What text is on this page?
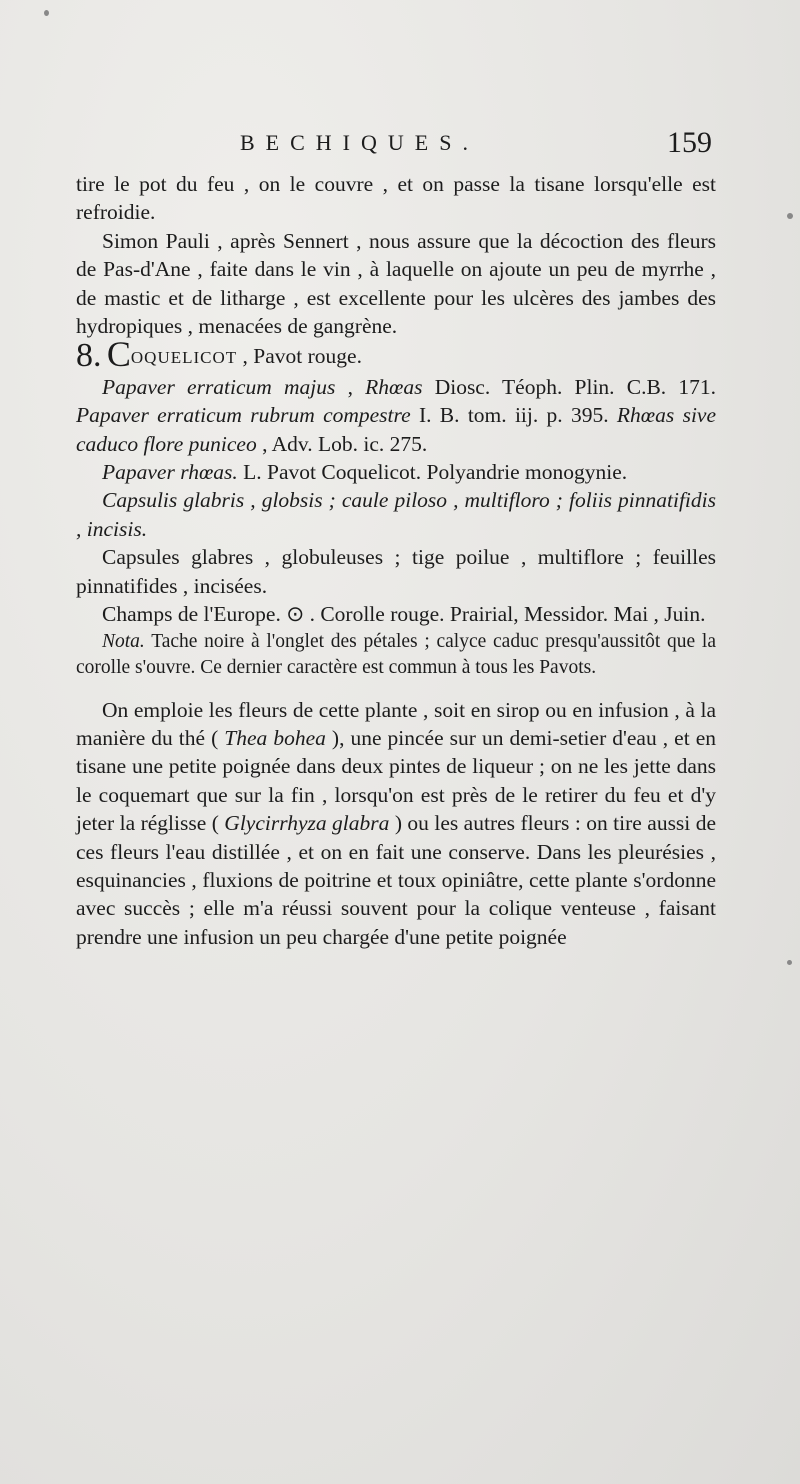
BECHIQUES.	159

tire le pot du feu , on le couvre , et on passe la tisane lorsqu'elle est refroidie.

Simon Pauli , après Sennert , nous assure que la décoction des fleurs de Pas-d'Ane , faite dans le vin , à laquelle on ajoute un peu de myrrhe , de mastic et de litharge , est excellente pour les ulcères des jambes des hydropiques , menacées de gangrène.

8. COQUELICOT , Pavot rouge.

Papaver erraticum majus , Rhœas Diosc. Téoph. Plin. C.B. 171. Papaver erraticum rubrum compestre I. B. tom. iij. p. 395. Rhœas sive caduco flore puniceo , Adv. Lob. ic. 275.

Papaver rhœas. L. Pavot Coquelicot. Polyandrie monogynie.

Capsulis glabris , globsis ; caule piloso , multifloro ; foliis pinnatifidis , incisis.

Capsules glabres , globuleuses ; tige poilue , multiflore ; feuilles pinnatifides , incisées.

Champs de l'Europe. ⊙ . Corolle rouge. Prairial, Messidor. Mai , Juin.

Nota. Tache noire à l'onglet des pétales ; calyce caduc presqu'aussitôt que la corolle s'ouvre. Ce dernier caractère est commun à tous les Pavots.

On emploie les fleurs de cette plante , soit en sirop ou en infusion , à la manière du thé ( Thea bohea ), une pincée sur un demi-setier d'eau , et en tisane une petite poignée dans deux pintes de liqueur ; on ne les jette dans le coquemart que sur la fin , lorsqu'on est près de le retirer du feu et d'y jeter la réglisse ( Glycirrhyza glabra ) ou les autres fleurs : on tire aussi de ces fleurs l'eau distillée , et on en fait une conserve. Dans les pleurésies , esquinancies , fluxions de poitrine et toux opiniâtre, cette plante s'ordonne avec succès ; elle m'a réussi souvent pour la colique venteuse , faisant prendre une infusion un peu chargée d'une petite poignée
